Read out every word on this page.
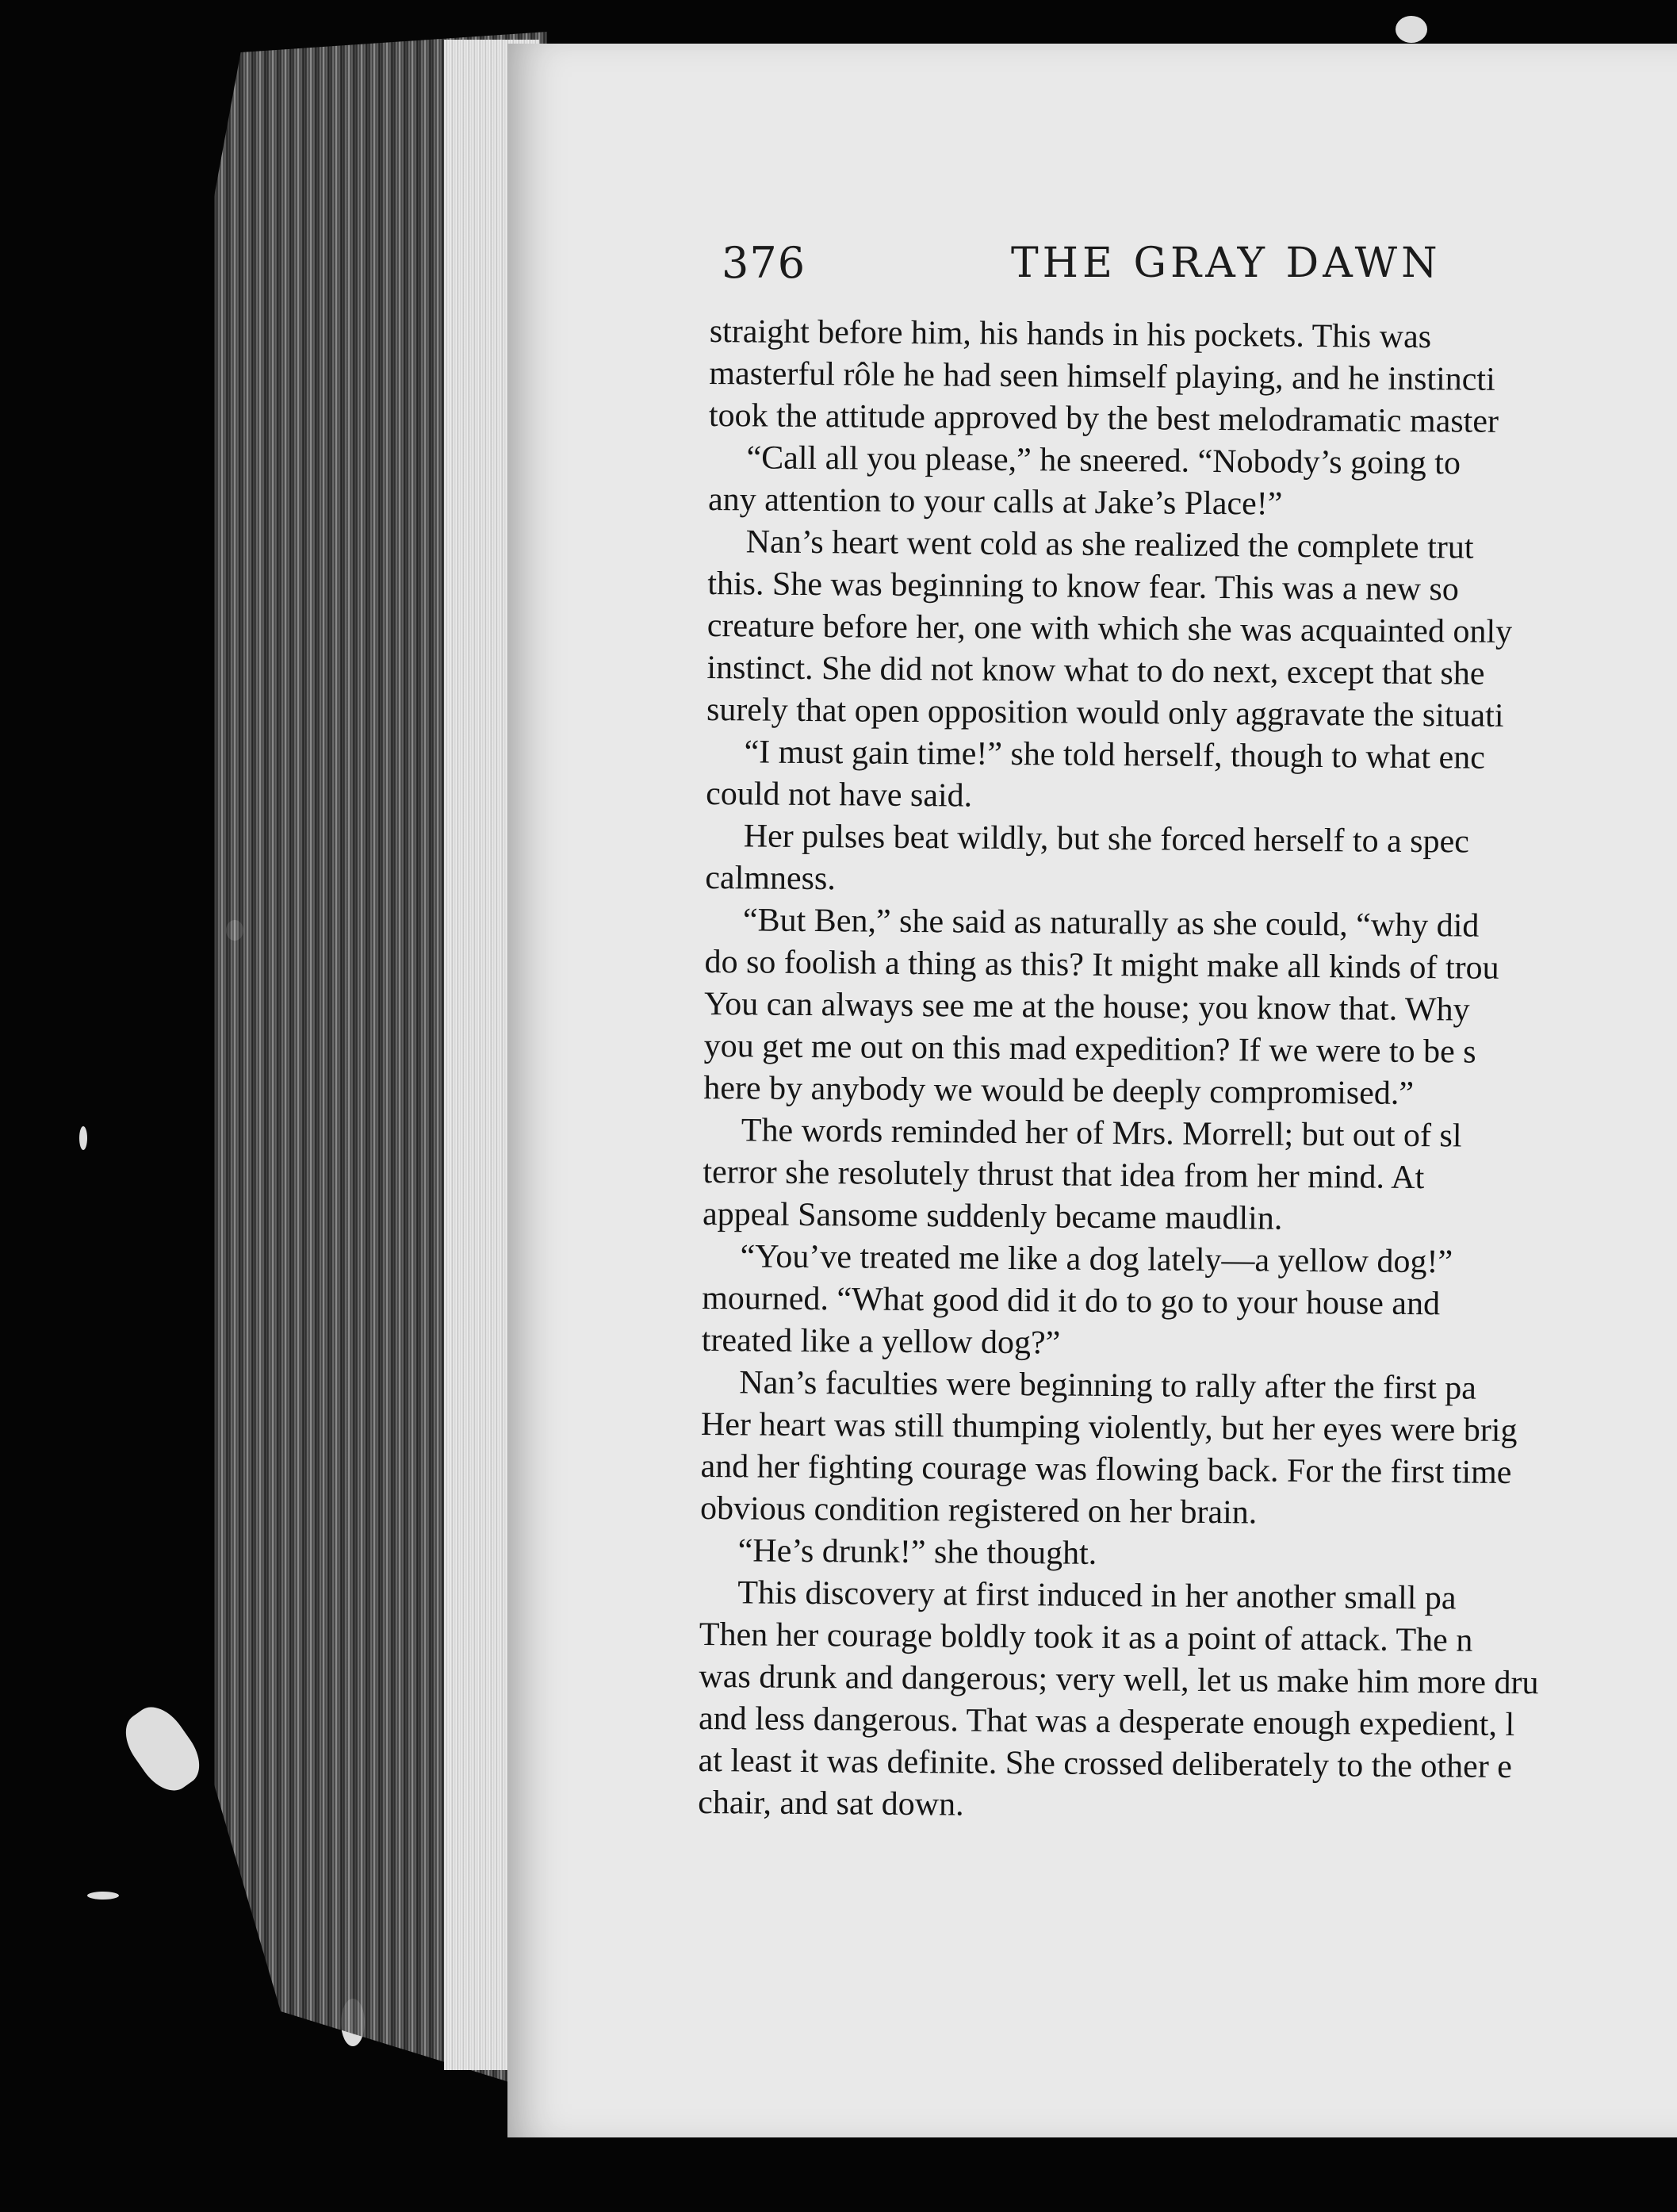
376	THE GRAY DAWN
straight before him, his hands in his pockets. This was
masterful rôle he had seen himself playing, and he instincti
took the attitude approved by the best melodramatic master
“Call all you please,” he sneered. “Nobody’s going to
any attention to your calls at Jake’s Place!”
Nan’s heart went cold as she realized the complete trut
this. She was beginning to know fear. This was a new so
creature before her, one with which she was acquainted only
instinct. She did not know what to do next, except that she
surely that open opposition would only aggravate the situati
“I must gain time!” she told herself, though to what enc
could not have said.
Her pulses beat wildly, but she forced herself to a spec
calmness.
“But Ben,” she said as naturally as she could, “why did
do so foolish a thing as this? It might make all kinds of trou
You can always see me at the house; you know that. Why
you get me out on this mad expedition? If we were to be s
here by anybody we would be deeply compromised.”
The words reminded her of Mrs. Morrell; but out of sl
terror she resolutely thrust that idea from her mind. At
appeal Sansome suddenly became maudlin.
“You’ve treated me like a dog lately—a yellow dog!”
mourned. “What good did it do to go to your house and
treated like a yellow dog?”
Nan’s faculties were beginning to rally after the first pa
Her heart was still thumping violently, but her eyes were brig
and her fighting courage was flowing back. For the first time
obvious condition registered on her brain.
“He’s drunk!” she thought.
This discovery at first induced in her another small pa
Then her courage boldly took it as a point of attack. The n
was drunk and dangerous; very well, let us make him more dru
and less dangerous. That was a desperate enough expedient, l
at least it was definite. She crossed deliberately to the other e
chair, and sat down.
